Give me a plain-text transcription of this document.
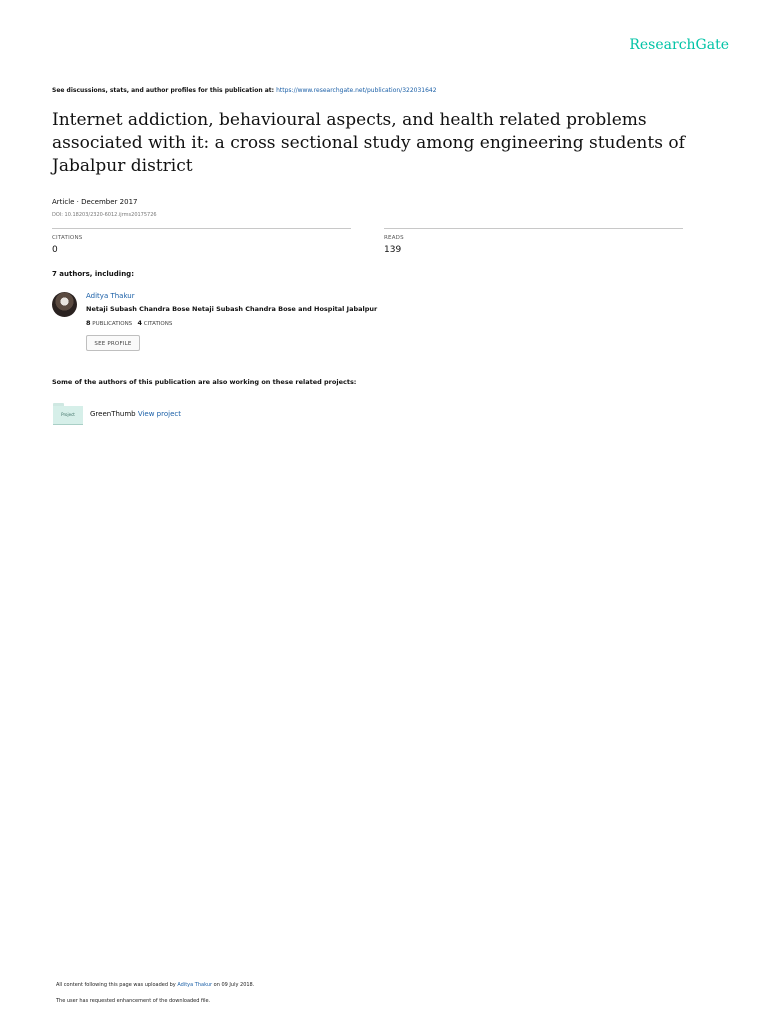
ResearchGate
See discussions, stats, and author profiles for this publication at: https://www.researchgate.net/publication/322031642
Internet addiction, behavioural aspects, and health related problems associated with it: a cross sectional study among engineering students of Jabalpur district
Article · December 2017
DOI: 10.18203/2320-6012.ijrms20175726
CITATIONS
0
READS
139
7 authors, including:
Aditya Thakur
Netaji Subash Chandra Bose Netaji Subash Chandra Bose and Hospital Jabalpur
8 PUBLICATIONS 4 CITATIONS
SEE PROFILE
Some of the authors of this publication are also working on these related projects:
Project	GreenThumb View project
All content following this page was uploaded by Aditya Thakur on 09 July 2018.
The user has requested enhancement of the downloaded file.
